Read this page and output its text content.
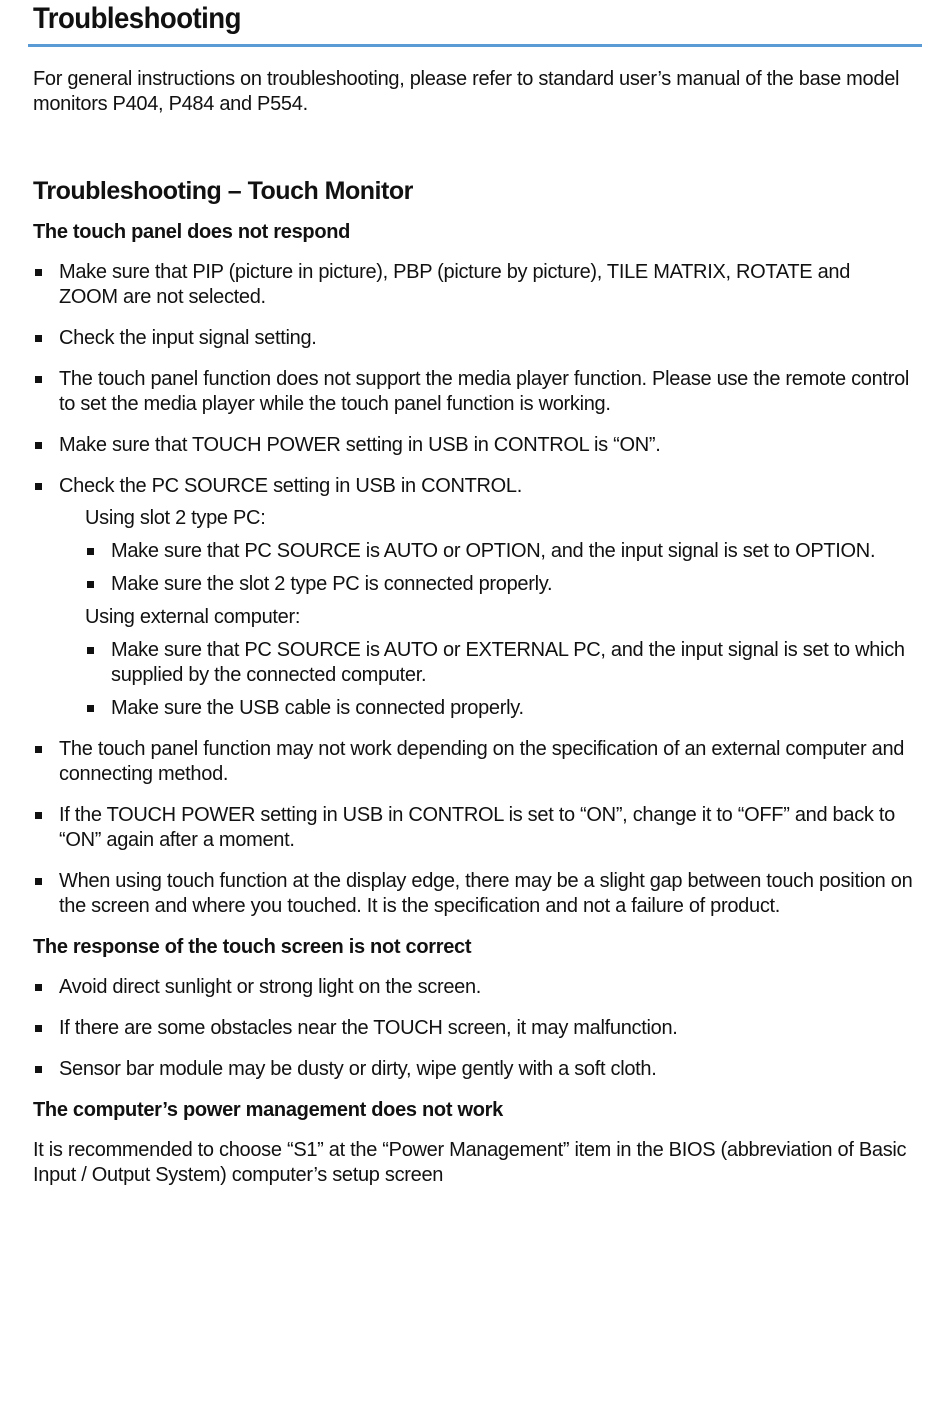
Troubleshooting

For general instructions on troubleshooting, please refer to standard user’s manual of the base model monitors P404, P484 and P554.

Troubleshooting – Touch Monitor

The touch panel does not respond

Make sure that PIP (picture in picture), PBP (picture by picture), TILE MATRIX, ROTATE and ZOOM are not selected.
Check the input signal setting.
The touch panel function does not support the media player function. Please use the remote control to set the media player while the touch panel function is working.
Make sure that TOUCH POWER setting in USB in CONTROL is “ON”.
Check the PC SOURCE setting in USB in CONTROL.

Using slot 2 type PC:

Make sure that PC SOURCE is AUTO or OPTION, and the input signal is set to OPTION.
Make sure the slot 2 type PC is connected properly.

Using external computer:

Make sure that PC SOURCE is AUTO or EXTERNAL PC, and the input signal is set to which supplied by the connected computer.
Make sure the USB cable is connected properly.
The touch panel function may not work depending on the specification of an external computer and connecting method.
If the TOUCH POWER setting in USB in CONTROL is set to “ON”, change it to “OFF” and back to “ON” again after a moment.
When using touch function at the display edge, there may be a slight gap between touch position on the screen and where you touched. It is the specification and not a failure of product.

The response of the touch screen is not correct

Avoid direct sunlight or strong light on the screen.
If there are some obstacles near the TOUCH screen, it may malfunction.
Sensor bar module may be dusty or dirty, wipe gently with a soft cloth.

The computer’s power management does not work

It is recommended to choose “S1” at the “Power Management” item in the BIOS (abbreviation of Basic Input / Output System) computer’s setup screen
